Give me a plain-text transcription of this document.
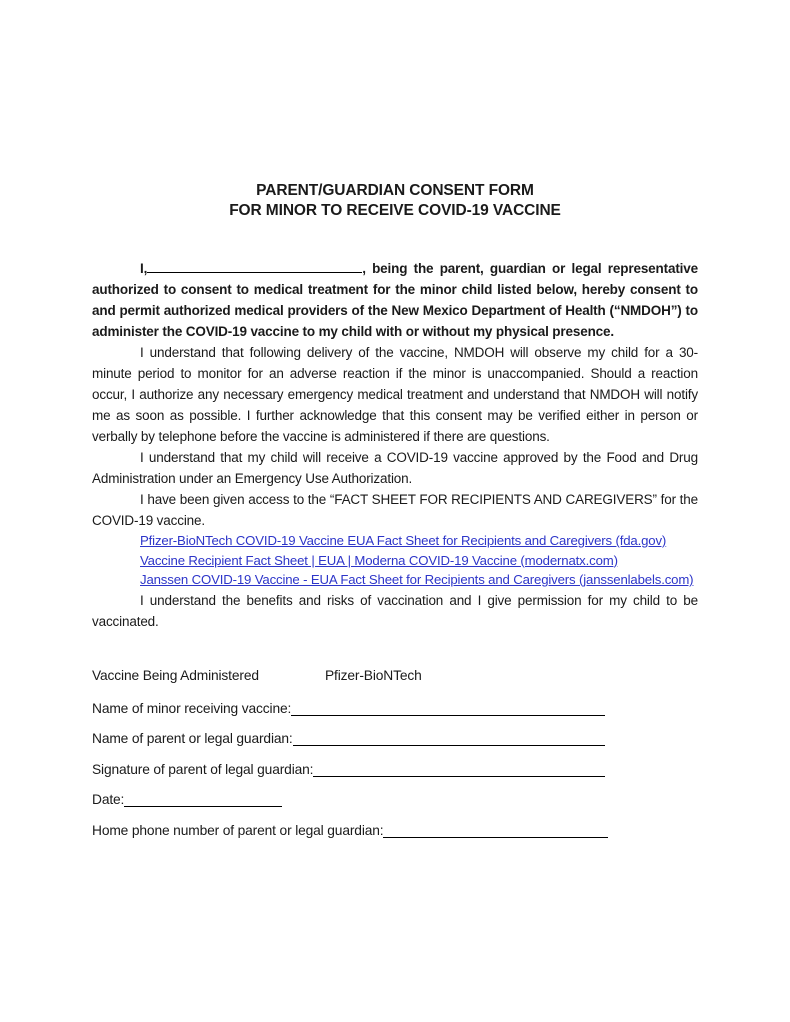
PARENT/GUARDIAN CONSENT FORM
FOR MINOR TO RECEIVE COVID-19 VACCINE

I,	, being the parent, guardian or legal representative authorized to consent to medical treatment for the minor child listed below, hereby consent to and permit authorized medical providers of the New Mexico Department of Health (“NMDOH”) to administer the COVID-19 vaccine to my child with or without my physical presence.

I understand that following delivery of the vaccine, NMDOH will observe my child for a 30-minute period to monitor for an adverse reaction if the minor is unaccompanied. Should a reaction occur, I authorize any necessary emergency medical treatment and understand that NMDOH will notify me as soon as possible. I further acknowledge that this consent may be verified either in person or verbally by telephone before the vaccine is administered if there are questions.

I understand that my child will receive a COVID-19 vaccine approved by the Food and Drug Administration under an Emergency Use Authorization.

I have been given access to the “FACT SHEET FOR RECIPIENTS AND CAREGIVERS” for the COVID-19 vaccine.

Pfizer-BioNTech COVID-19 Vaccine EUA Fact Sheet for Recipients and Caregivers (fda.gov)
Vaccine Recipient Fact Sheet | EUA | Moderna COVID-19 Vaccine (modernatx.com)
Janssen COVID-19 Vaccine - EUA Fact Sheet for Recipients and Caregivers (janssenlabels.com)

I understand the benefits and risks of vaccination and I give permission for my child to be vaccinated.

Vaccine Being Administered	Pfizer-BioNTech
Name of minor receiving vaccine:
Name of parent or legal guardian:
Signature of parent of legal guardian:
Date:
Home phone number of parent or legal guardian:
